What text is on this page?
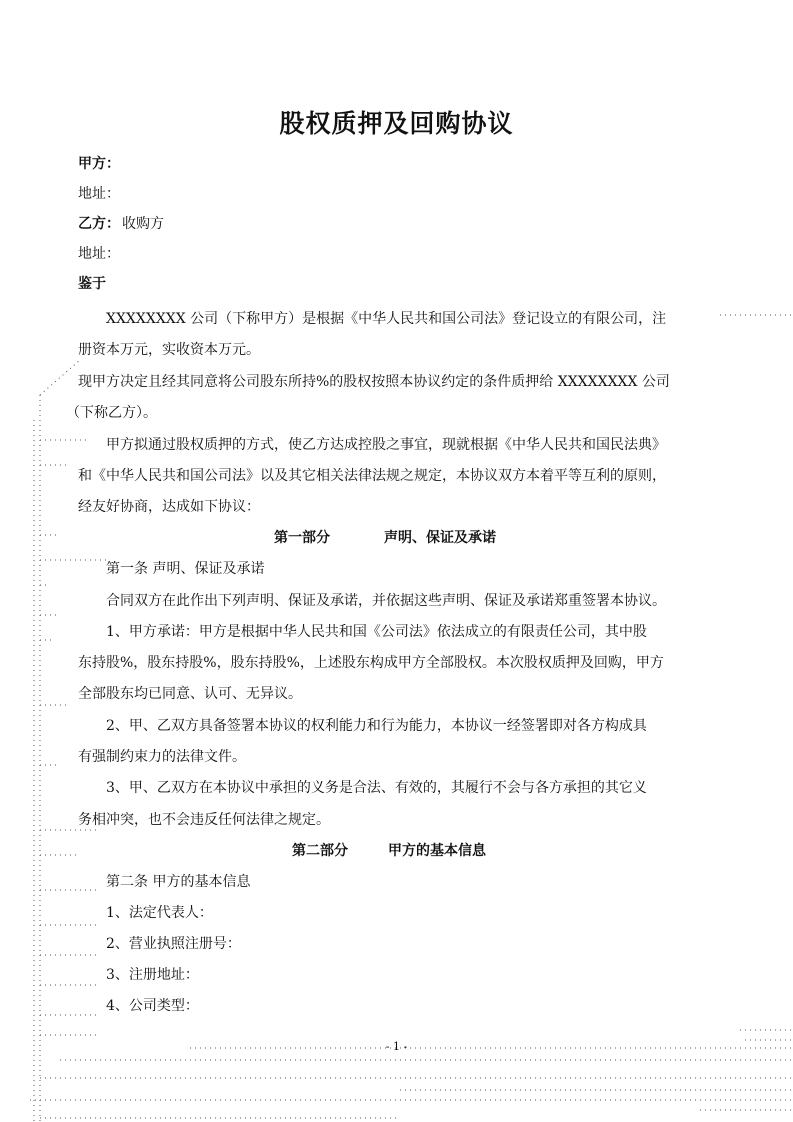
股权质押及回购协议
甲方：
地址：
乙方： 收购方
地址：
鉴于
XXXXXXXX 公司（下称甲方）是根据《中华人民共和国公司法》登记设立的有限公司，注
册资本万元，实收资本万元。
现甲方决定且经其同意将公司股东所持%的股权按照本协议约定的条件质押给 XXXXXXXX 公司
（下称乙方）。
甲方拟通过股权质押的方式，使乙方达成控股之事宜，现就根据《中华人民共和国民法典》
和《中华人民共和国公司法》以及其它相关法律法规之规定，本协议双方本着平等互利的原则，
经友好协商，达成如下协议：
第一部分	声明、保证及承诺
第一条 声明、保证及承诺
合同双方在此作出下列声明、保证及承诺，并依据这些声明、保证及承诺郑重签署本协议。
1、甲方承诺：甲方是根据中华人民共和国《公司法》依法成立的有限责任公司，其中股
东持股%，股东持股%，股东持股%，上述股东构成甲方全部股权。本次股权质押及回购，甲方
全部股东均已同意、认可、无异议。
2、甲、乙双方具备签署本协议的权利能力和行为能力，本协议一经签署即对各方构成具
有强制约束力的法律文件。
3、甲、乙双方在本协议中承担的义务是合法、有效的，其履行不会与各方承担的其它义
务相冲突，也不会违反任何法律之规定。
第二部分	甲方的基本信息
第二条 甲方的基本信息
1、法定代表人：
2、营业执照注册号：
3、注册地址：
4、公司类型：
- 1 -
